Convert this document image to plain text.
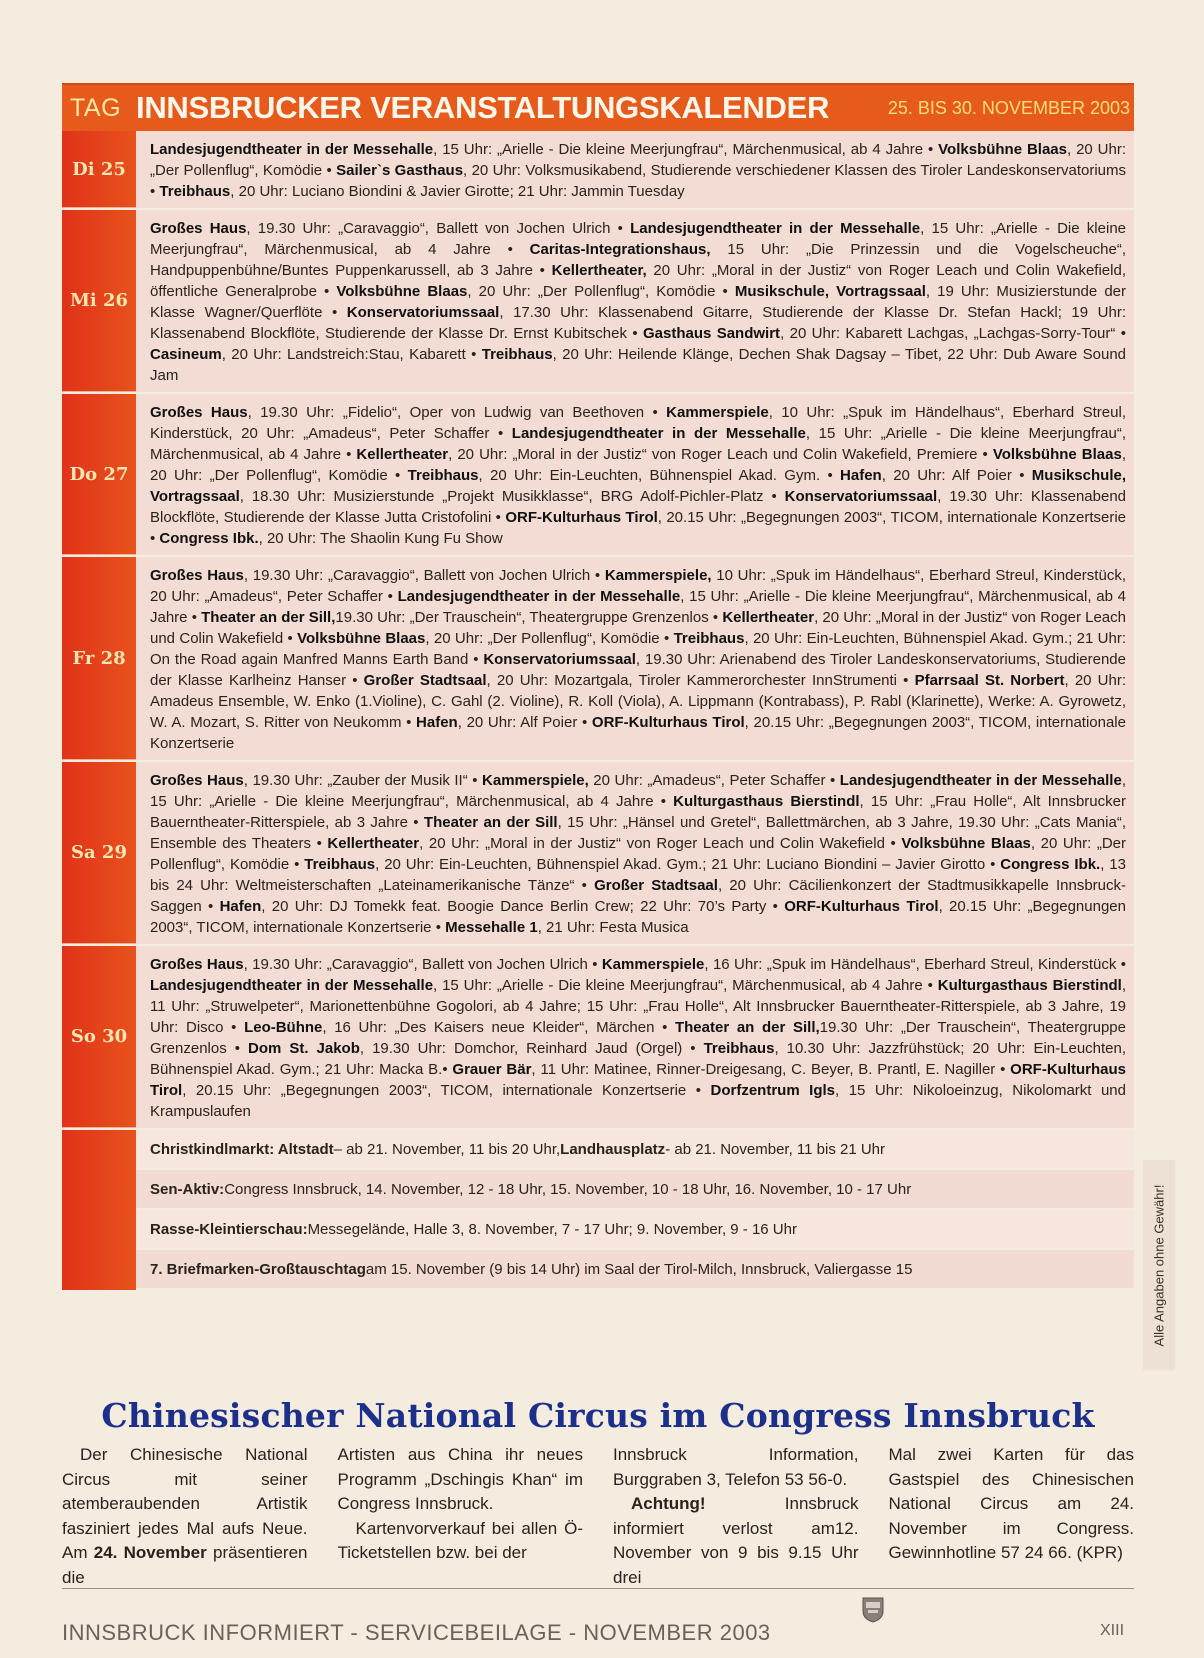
TAG INNSBRUCKER VERANSTALTUNGSKALENDER	25. BIS 30. NOVEMBER 2003
Di 25
Landesjugendtheater in der Messehalle, 15 Uhr: „Arielle - Die kleine Meerjungfrau“, Märchenmusical, ab 4 Jahre • Volksbühne Blaas, 20 Uhr: „Der Pollenflug“, Komödie • Sailer`s Gasthaus, 20 Uhr: Volksmusikabend, Studierende verschiedener Klassen des Tiroler Landeskonservatoriums • Treibhaus, 20 Uhr: Luciano Biondini & Javier Girotte; 21 Uhr: Jammin Tuesday
Mi 26
Großes Haus, 19.30 Uhr: „Caravaggio“, Ballett von Jochen Ulrich • Landesjugendtheater in der Messehalle, 15 Uhr: „Arielle - Die kleine Meerjungfrau“, Märchenmusical, ab 4 Jahre • Caritas-Integrationshaus, 15 Uhr: „Die Prinzessin und die Vogelscheuche“, Handpuppenbühne/Buntes Puppenkarussell, ab 3 Jahre • Kellertheater, 20 Uhr: „Moral in der Justiz“ von Roger Leach und Colin Wakefield, öffentliche Generalprobe • Volksbühne Blaas, 20 Uhr: „Der Pollenflug“, Komödie • Musikschule, Vortragssaal, 19 Uhr: Musizierstunde der Klasse Wagner/Querflöte • Konservatoriumssaal, 17.30 Uhr: Klassenabend Gitarre, Studierende der Klasse Dr. Stefan Hackl; 19 Uhr: Klassenabend Blockflöte, Studierende der Klasse Dr. Ernst Kubitschek • Gasthaus Sandwirt, 20 Uhr: Kabarett Lachgas, „Lachgas-Sorry-Tour“ • Casineum, 20 Uhr: Landstreich:Stau, Kabarett • Treibhaus, 20 Uhr: Heilende Klänge, Dechen Shak Dagsay – Tibet, 22 Uhr: Dub Aware Sound Jam
Do 27
Großes Haus, 19.30 Uhr: „Fidelio“, Oper von Ludwig van Beethoven • Kammerspiele, 10 Uhr: „Spuk im Händelhaus“, Eberhard Streul, Kinderstück, 20 Uhr: „Amadeus“, Peter Schaffer • Landesjugendtheater in der Messehalle, 15 Uhr: „Arielle - Die kleine Meerjungfrau“, Märchenmusical, ab 4 Jahre • Kellertheater, 20 Uhr: „Moral in der Justiz“ von Roger Leach und Colin Wakefield, Premiere • Volksbühne Blaas, 20 Uhr: „Der Pollenflug“, Komödie • Treibhaus, 20 Uhr: Ein-Leuchten, Bühnenspiel Akad. Gym. • Hafen, 20 Uhr: Alf Poier • Musikschule, Vortragssaal, 18.30 Uhr: Musizierstunde „Projekt Musikklasse“, BRG Adolf-Pichler-Platz • Konservatoriumssaal, 19.30 Uhr: Klassenabend Blockflöte, Studierende der Klasse Jutta Cristofolini • ORF-Kulturhaus Tirol, 20.15 Uhr: „Begegnungen 2003“, TICOM, internationale Konzertserie • Congress Ibk., 20 Uhr: The Shaolin Kung Fu Show
Fr 28
Großes Haus, 19.30 Uhr: „Caravaggio“, Ballett von Jochen Ulrich • Kammerspiele, 10 Uhr: „Spuk im Händelhaus“, Eberhard Streul, Kinderstück, 20 Uhr: „Amadeus“, Peter Schaffer • Landesjugendtheater in der Messehalle, 15 Uhr: „Arielle - Die kleine Meerjungfrau“, Märchenmusical, ab 4 Jahre • Theater an der Sill,19.30 Uhr: „Der Trauschein“, Theatergruppe Grenzenlos • Kellertheater, 20 Uhr: „Moral in der Justiz“ von Roger Leach und Colin Wakefield • Volksbühne Blaas, 20 Uhr: „Der Pollenflug“, Komödie • Treibhaus, 20 Uhr: Ein-Leuchten, Bühnenspiel Akad. Gym.; 21 Uhr: On the Road again Manfred Manns Earth Band • Konservatoriumssaal, 19.30 Uhr: Arienabend des Tiroler Landeskonservatoriums, Studierende der Klasse Karlheinz Hanser • Großer Stadtsaal, 20 Uhr: Mozartgala, Tiroler Kammerorchester InnStrumenti • Pfarrsaal St. Norbert, 20 Uhr: Amadeus Ensemble, W. Enko (1.Violine), C. Gahl (2. Violine), R. Koll (Viola), A. Lippmann (Kontrabass), P. Rabl (Klarinette), Werke: A. Gyrowetz, W. A. Mozart, S. Ritter von Neukomm • Hafen, 20 Uhr: Alf Poier • ORF-Kulturhaus Tirol, 20.15 Uhr: „Begegnungen 2003“, TICOM, internationale Konzertserie
Sa 29
Großes Haus, 19.30 Uhr: „Zauber der Musik II“ • Kammerspiele, 20 Uhr: „Amadeus“, Peter Schaffer • Landesjugendtheater in der Messehalle, 15 Uhr: „Arielle - Die kleine Meerjungfrau“, Märchenmusical, ab 4 Jahre • Kulturgasthaus Bierstindl, 15 Uhr: „Frau Holle“, Alt Innsbrucker Bauerntheater-Ritterspiele, ab 3 Jahre • Theater an der Sill, 15 Uhr: „Hänsel und Gretel“, Ballettmärchen, ab 3 Jahre, 19.30 Uhr: „Cats Mania“, Ensemble des Theaters • Kellertheater, 20 Uhr: „Moral in der Justiz“ von Roger Leach und Colin Wakefield • Volksbühne Blaas, 20 Uhr: „Der Pollenflug“, Komödie • Treibhaus, 20 Uhr: Ein-Leuchten, Bühnenspiel Akad. Gym.; 21 Uhr: Luciano Biondini – Javier Girotto • Congress Ibk., 13 bis 24 Uhr: Weltmeisterschaften „Lateinamerikanische Tänze“ • Großer Stadtsaal, 20 Uhr: Cäcilienkonzert der Stadtmusikkapelle Innsbruck-Saggen • Hafen, 20 Uhr: DJ Tomekk feat. Boogie Dance Berlin Crew; 22 Uhr: 70’s Party • ORF-Kulturhaus Tirol, 20.15 Uhr: „Begegnungen 2003“, TICOM, internationale Konzertserie • Messehalle 1, 21 Uhr: Festa Musica
So 30
Großes Haus, 19.30 Uhr: „Caravaggio“, Ballett von Jochen Ulrich • Kammerspiele, 16 Uhr: „Spuk im Händelhaus“, Eberhard Streul, Kinderstück • Landesjugendtheater in der Messehalle, 15 Uhr: „Arielle - Die kleine Meerjungfrau“, Märchenmusical, ab 4 Jahre • Kulturgasthaus Bierstindl, 11 Uhr: „Struwelpeter“, Marionettenbühne Gogolori, ab 4 Jahre; 15 Uhr: „Frau Holle“, Alt Innsbrucker Bauerntheater-Ritterspiele, ab 3 Jahre, 19 Uhr: Disco • Leo-Bühne, 16 Uhr: „Des Kaisers neue Kleider“, Märchen • Theater an der Sill,19.30 Uhr: „Der Trauschein“, Theatergruppe Grenzenlos • Dom St. Jakob, 19.30 Uhr: Domchor, Reinhard Jaud (Orgel) • Treibhaus, 10.30 Uhr: Jazzfrühstück; 20 Uhr: Ein-Leuchten, Bühnenspiel Akad. Gym.; 21 Uhr: Macka B.• Grauer Bär, 11 Uhr: Matinee, Rinner-Dreigesang, C. Beyer, B. Prantl, E. Nagiller • ORF-Kulturhaus Tirol, 20.15 Uhr: „Begegnungen 2003“, TICOM, internationale Konzertserie • Dorfzentrum Igls, 15 Uhr: Nikoloeinzug, Nikolomarkt und Krampuslaufen
Christkindlmarkt: Altstadt – ab 21. November, 11 bis 20 Uhr, Landhausplatz - ab 21. November, 11 bis 21 Uhr
Sen-Aktiv: Congress Innsbruck, 14. November, 12 - 18 Uhr, 15. November, 10 - 18 Uhr, 16. November, 10 - 17 Uhr
Rasse-Kleintierschau: Messegelände, Halle 3, 8. November, 7 - 17 Uhr; 9. November, 9 - 16 Uhr
7. Briefmarken-Großtauschtag am 15. November (9 bis 14 Uhr) im Saal der Tirol-Milch, Innsbruck, Valiergasse 15	Alle Angaben ohne Gewähr!
Chinesischer National Circus im Congress Innsbruck
Der Chinesische National Circus mit seiner atemberaubenden Artistik fasziniert jedes Mal aufs Neue. Am 24. November präsentieren die
Artisten aus China ihr neues Programm „Dschingis Khan“ im Congress Innsbruck.
Kartenvorverkauf bei allen Ö-Ticketstellen bzw. bei der
Innsbruck Information, Burggraben 3, Telefon 53 56-0.
Achtung! Innsbruck informiert verlost am12. November von 9 bis 9.15 Uhr drei
Mal zwei Karten für das Gastspiel des Chinesischen National Circus am 24. November im Congress. Gewinnhotline 57 24 66. (KPR)
INNSBRUCK INFORMIERT - SERVICEBEILAGE - NOVEMBER 2003	XIII
